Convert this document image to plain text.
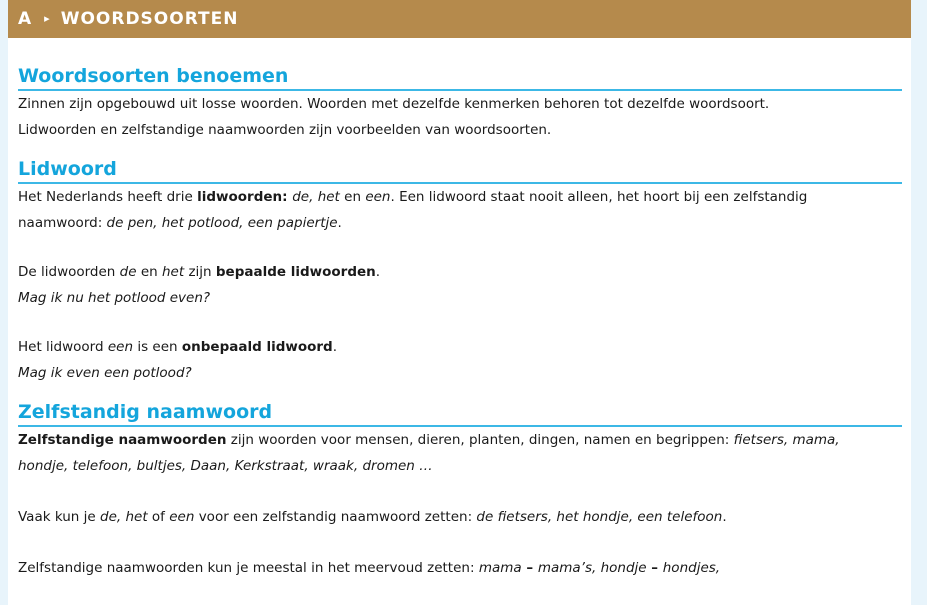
A ▸ WOORDSOORTEN
Woordsoorten benoemen

Zinnen zijn opgebouwd uit losse woorden. Woorden met dezelfde kenmerken behoren tot dezelfde woordsoort.

Lidwoorden en zelfstandige naamwoorden zijn voorbeelden van woordsoorten.

Lidwoord

Het Nederlands heeft drie lidwoorden: de, het en een. Een lidwoord staat nooit alleen, het hoort bij een zelfstandig

naamwoord: de pen, het potlood, een papiertje.

De lidwoorden de en het zijn bepaalde lidwoorden.

Mag ik nu het potlood even?

Het lidwoord een is een onbepaald lidwoord.

Mag ik even een potlood?

Zelfstandig naamwoord

Zelfstandige naamwoorden zijn woorden voor mensen, dieren, planten, dingen, namen en begrippen: fietsers, mama,

hondje, telefoon, bultjes, Daan, Kerkstraat, wraak, dromen …

Vaak kun je de, het of een voor een zelfstandig naamwoord zetten: de fietsers, het hondje, een telefoon.

Zelfstandige naamwoorden kun je meestal in het meervoud zetten: mama – mama’s, hondje – hondjes,
